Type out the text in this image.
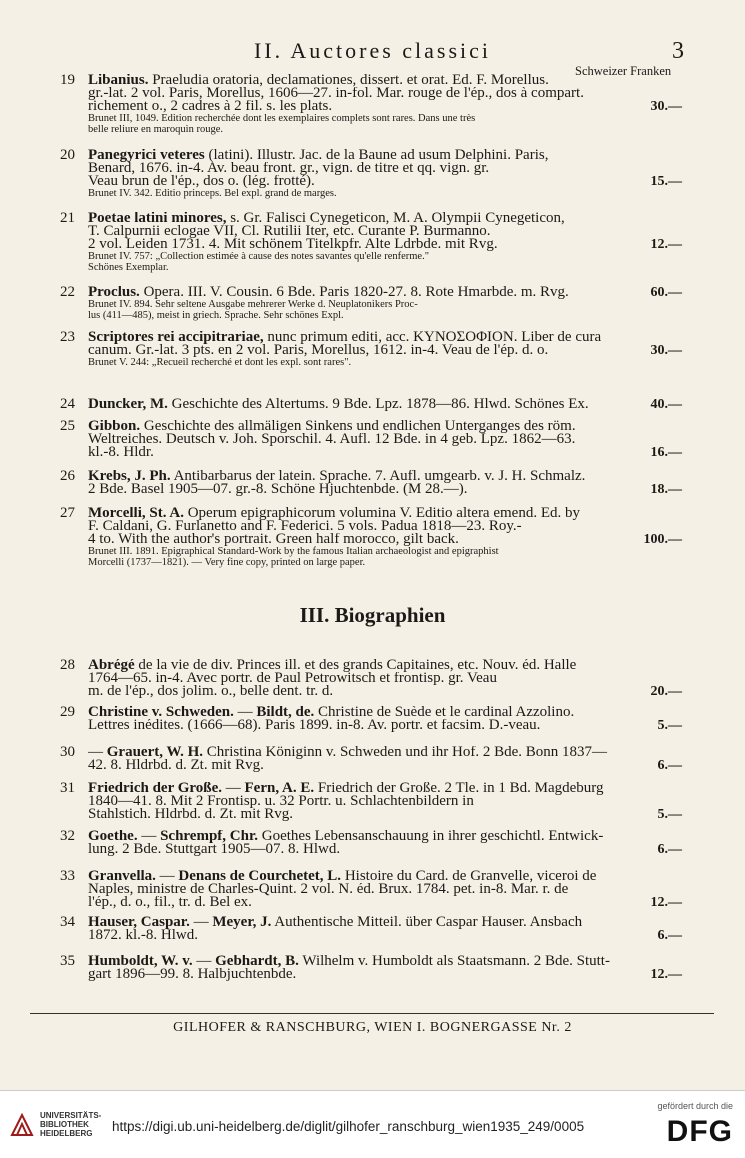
II. Auctores classici	3
Schweizer Franken
19 Libanius. Praeludia oratoria, declamationes, dissert. et orat. Ed. F. Morellus.
gr.-lat. 2 vol. Paris, Morellus, 1606—27. in-fol. Mar. rouge de l'ép., dos à compart.
richement o., 2 cadres à 2 fil. s. les plats.	30.—
Brunet III, 1049. Edition recherchée dont les exemplaires complets sont rares. Dans une très
belle reliure en maroquin rouge.
20 Panegyrici veteres (latini). Illustr. Jac. de la Baune ad usum Delphini. Paris,
Benard, 1676. in-4. Av. beau front. gr., vign. de titre et qq. vign. gr.
Veau brun de l'ép., dos o. (lég. frotté).	15.—
Brunet IV. 342. Editio princeps. Bel expl. grand de marges.
21 Poetae latini minores, s. Gr. Falisci Cynegeticon, M. A. Olympii Cynegeticon,
T. Calpurnii eclogae VII, Cl. Rutilii Iter, etc. Curante P. Burmanno.
2 vol. Leiden 1731. 4. Mit schönem Titelkpfr. Alte Ldrbde. mit Rvg.	12.—
Brunet IV. 757: „Collection estimée à cause des notes savantes qu'elle renferme."
Schönes Exemplar.
22 Proclus. Opera. III. V. Cousin. 6 Bde. Paris 1820-27. 8. Rote Hmarbde. m. Rvg.	60.—
Brunet IV. 894. Sehr seltene Ausgabe mehrerer Werke d. Neuplatonikers Proc-
lus (411—485), meist in griech. Sprache. Sehr schönes Expl.
23 Scriptores rei accipitrariae, nunc primum editi, acc. ΚΥΝΟΣΟΦΙΟΝ. Liber de cura
canum. Gr.-lat. 3 pts. en 2 vol. Paris, Morellus, 1612. in-4. Veau de l'ép. d. o.	30.—
Brunet V. 244: „Recueil recherché et dont les expl. sont rares".
24 Duncker, M. Geschichte des Altertums. 9 Bde. Lpz. 1878—86. Hlwd. Schönes Ex.	40.—
25 Gibbon. Geschichte des allmäligen Sinkens und endlichen Unterganges des röm.
Weltreiches. Deutsch v. Joh. Sporschil. 4. Aufl. 12 Bde. in 4 geb. Lpz. 1862—63.
kl.-8. Hldr.	16.—
26 Krebs, J. Ph. Antibarbarus der latein. Sprache. 7. Aufl. umgearb. v. J. H. Schmalz.
2 Bde. Basel 1905—07. gr.-8. Schöne Hjuchtenbde. (M 28.—).	18.—
27 Morcelli, St. A. Operum epigraphicorum volumina V. Editio altera emend. Ed. by
F. Caldani, G. Furlanetto and F. Federici. 5 vols. Padua 1818—23. Roy.-
4 to. With the author's portrait. Green half morocco, gilt back.	100.—
Brunet III. 1891. Epigraphical Standard-Work by the famous Italian archaeologist and epigraphist
Morcelli (1737—1821). — Very fine copy, printed on large paper.
28 Abrégé de la vie de div. Princes ill. et des grands Capitaines, etc. Nouv. éd. Halle
1764—65. in-4. Avec portr. de Paul Petrowitsch et frontisp. gr. Veau
m. de l'ép., dos jolim. o., belle dent. tr. d.	20.—
29 Christine v. Schweden. — Bildt, de. Christine de Suède et le cardinal Azzolino.
Lettres inédites. (1666—68). Paris 1899. in-8. Av. portr. et facsim. D.-veau.	5.—
30 — Grauert, W. H. Christina Königinn v. Schweden und ihr Hof. 2 Bde. Bonn 1837—
42. 8. Hldrbd. d. Zt. mit Rvg.	6.—
31 Friedrich der Große. — Fern, A. E. Friedrich der Große. 2 Tle. in 1 Bd. Magdeburg
1840—41. 8. Mit 2 Frontisp. u. 32 Portr. u. Schlachtenbildern in
Stahlstich. Hldrbd. d. Zt. mit Rvg.	5.—
32 Goethe. — Schrempf, Chr. Goethes Lebensanschauung in ihrer geschichtl. Entwick-
lung. 2 Bde. Stuttgart 1905—07. 8. Hlwd.	6.—
33 Granvella. — Denans de Courchetet, L. Histoire du Card. de Granvelle, viceroi de
Naples, ministre de Charles-Quint. 2 vol. N. éd. Brux. 1784. pet. in-8. Mar. r. de
l'ép., d. o., fil., tr. d. Bel ex.	12.—
34 Hauser, Caspar. — Meyer, J. Authentische Mitteil. über Caspar Hauser. Ansbach
1872. kl.-8. Hlwd.	6.—
35 Humboldt, W. v. — Gebhardt, B. Wilhelm v. Humboldt als Staatsmann. 2 Bde. Stutt-
gart 1896—99. 8. Halbjuchtenbde.	12.—
III. Biographien
GILHOFER & RANSCHBURG, WIEN I. BOGNERGASSE Nr. 2
UNIVERSITÄTS-
BIBLIOTHEK
HEIDELBERG	https://digi.ub.uni-heidelberg.de/diglit/gilhofer_ranschburg_wien1935_249/0005
gefördert durch die
DFG
